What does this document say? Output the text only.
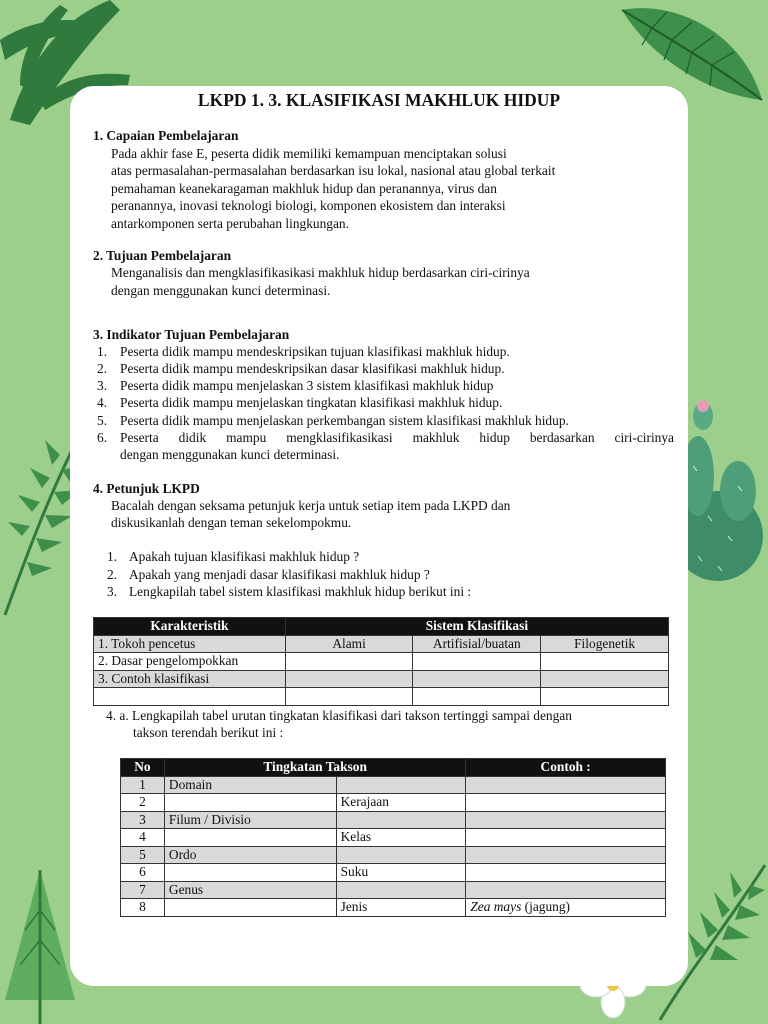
LKPD 1. 3. KLASIFIKASI MAKHLUK HIDUP
1. Capaian Pembelajaran
Pada akhir fase E, peserta didik memiliki kemampuan menciptakan solusi
atas permasalahan-permasalahan berdasarkan isu lokal, nasional atau global terkait
pemahaman keanekaragaman makhluk hidup dan peranannya, virus dan
peranannya, inovasi teknologi biologi, komponen ekosistem dan interaksi
antarkomponen serta perubahan lingkungan.
2. Tujuan Pembelajaran
Menganalisis dan mengklasifikasikasi makhluk hidup berdasarkan ciri-cirinya
dengan menggunakan kunci determinasi.
3. Indikator Tujuan Pembelajaran
1. Peserta didik mampu mendeskripsikan tujuan klasifikasi makhluk hidup.
2. Peserta didik mampu mendeskripsikan dasar klasifikasi makhluk hidup.
3. Peserta didik mampu menjelaskan 3 sistem klasifikasi makhluk hidup
4. Peserta didik mampu menjelaskan tingkatan klasifikasi makhluk hidup.
5. Peserta didik mampu menjelaskan perkembangan sistem klasifikasi makhluk hidup.
6. Peserta didik mampu mengklasifikasikasi makhluk hidup berdasarkan ciri-cirinya
dengan menggunakan kunci determinasi.
4. Petunjuk LKPD
Bacalah dengan seksama petunjuk kerja untuk setiap item pada LKPD dan
diskusikanlah dengan teman sekelompokmu.
1. Apakah tujuan klasifikasi makhluk hidup ?
2. Apakah yang menjadi dasar klasifikasi makhluk hidup ?
3. Lengkapilah tabel sistem klasifikasi makhluk hidup berikut ini :
Karakteristik	Sistem Klasifikasi		
1. Tokoh pencetus	Alami	Artifisial/buatan	Filogenetik
2. Dasar pengelompokkan			
3. Contoh klasifikasi			

4. a. Lengkapilah tabel urutan tingkatan klasifikasi dari takson tertinggi sampai dengan
takson terendah berikut ini :
No	Tingkatan Takson		Contoh :
1	Domain		
2		Kerajaan	
3	Filum / Divisio		
4		Kelas	
5	Ordo		
6		Suku	
7	Genus		
8		Jenis	Zea mays (jagung)
